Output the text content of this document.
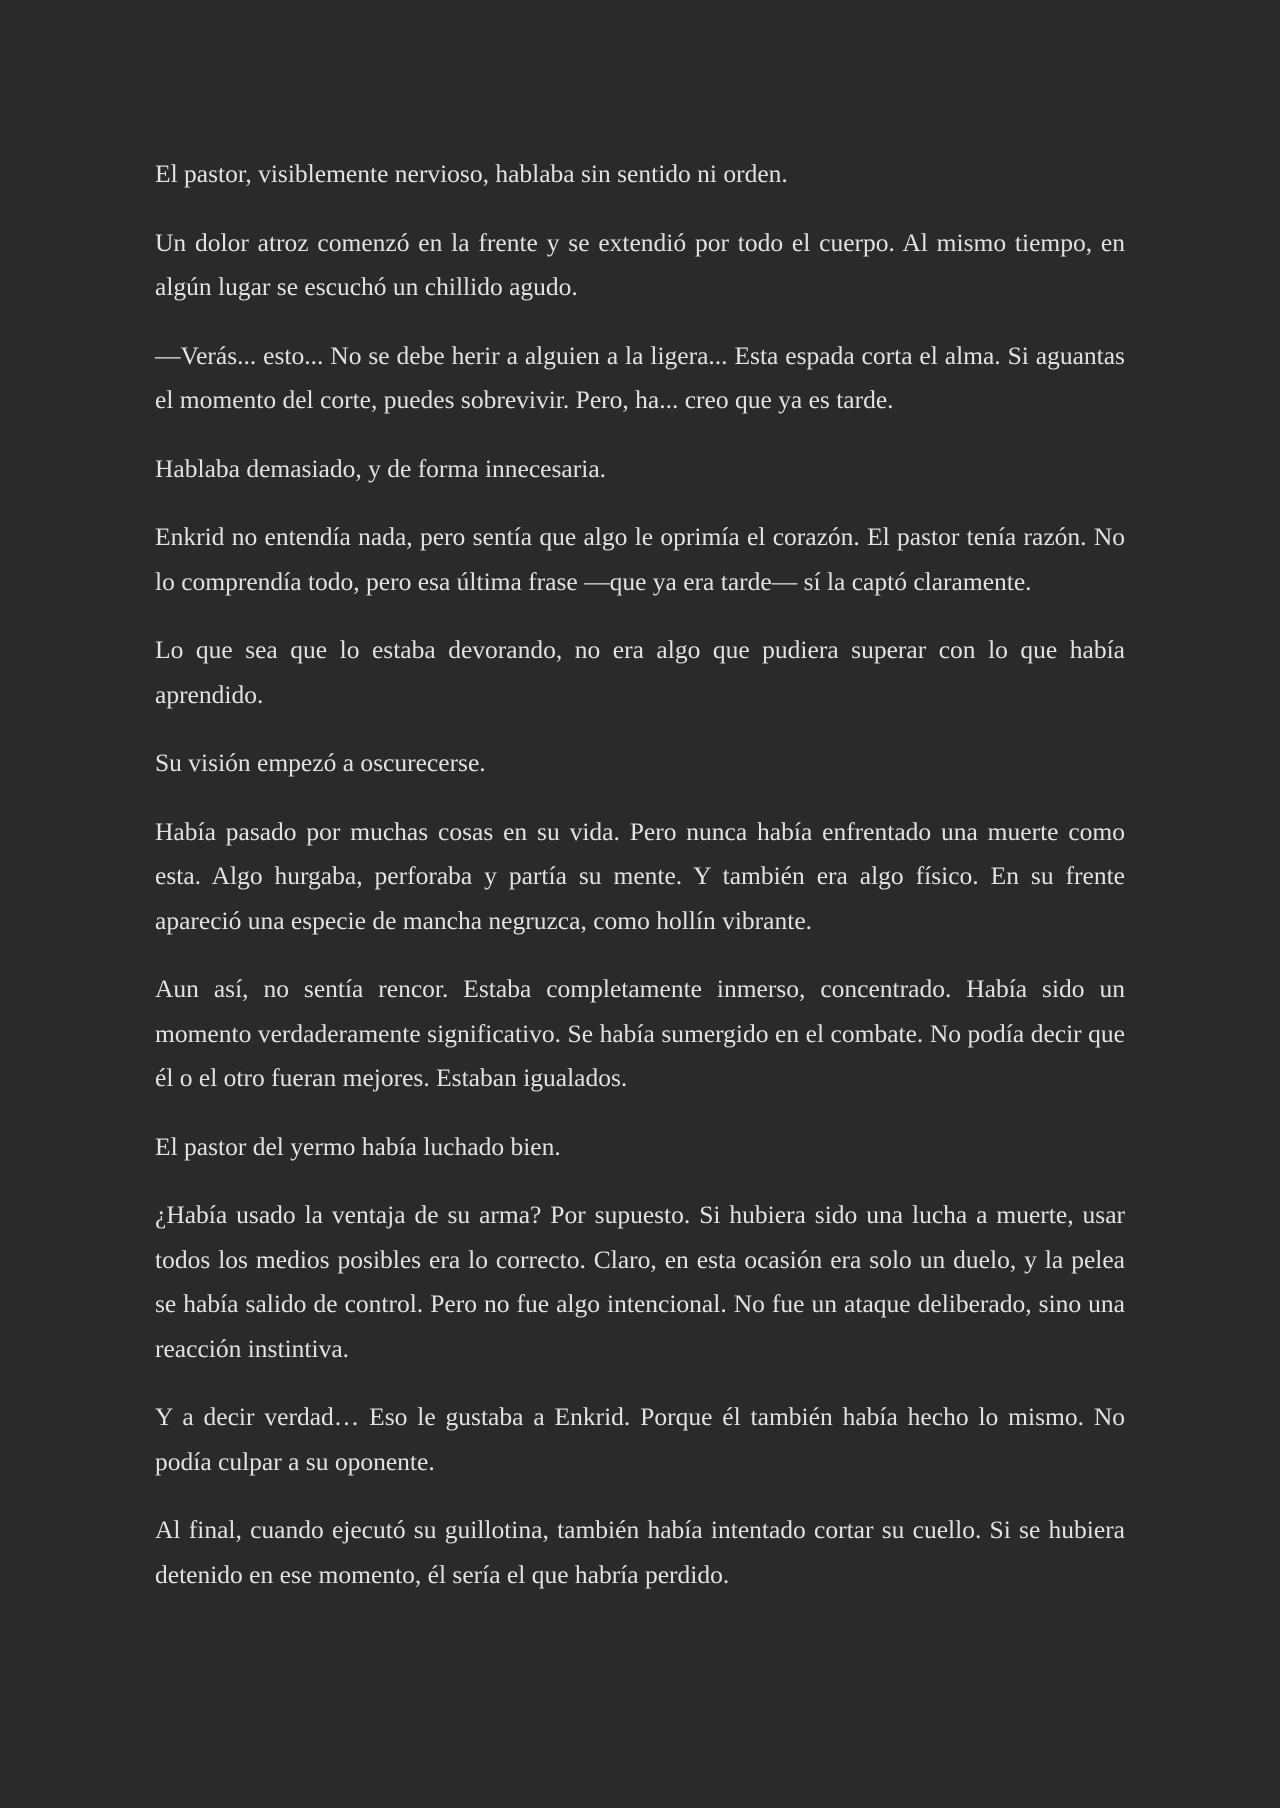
El pastor, visiblemente nervioso, hablaba sin sentido ni orden.

Un dolor atroz comenzó en la frente y se extendió por todo el cuerpo. Al mismo tiempo, en algún lugar se escuchó un chillido agudo.

—Verás... esto... No se debe herir a alguien a la ligera... Esta espada corta el alma. Si aguantas el momento del corte, puedes sobrevivir. Pero, ha... creo que ya es tarde.

Hablaba demasiado, y de forma innecesaria.

Enkrid no entendía nada, pero sentía que algo le oprimía el corazón. El pastor tenía razón. No lo comprendía todo, pero esa última frase —que ya era tarde— sí la captó claramente.

Lo que sea que lo estaba devorando, no era algo que pudiera superar con lo que había aprendido.

Su visión empezó a oscurecerse.

Había pasado por muchas cosas en su vida. Pero nunca había enfrentado una muerte como esta. Algo hurgaba, perforaba y partía su mente. Y también era algo físico. En su frente apareció una especie de mancha negruzca, como hollín vibrante.

Aun así, no sentía rencor. Estaba completamente inmerso, concentrado. Había sido un momento verdaderamente significativo. Se había sumergido en el combate. No podía decir que él o el otro fueran mejores. Estaban igualados.

El pastor del yermo había luchado bien.

¿Había usado la ventaja de su arma? Por supuesto. Si hubiera sido una lucha a muerte, usar todos los medios posibles era lo correcto. Claro, en esta ocasión era solo un duelo, y la pelea se había salido de control. Pero no fue algo intencional. No fue un ataque deliberado, sino una reacción instintiva.

Y a decir verdad… Eso le gustaba a Enkrid. Porque él también había hecho lo mismo. No podía culpar a su oponente.

Al final, cuando ejecutó su guillotina, también había intentado cortar su cuello. Si se hubiera detenido en ese momento, él sería el que habría perdido.
